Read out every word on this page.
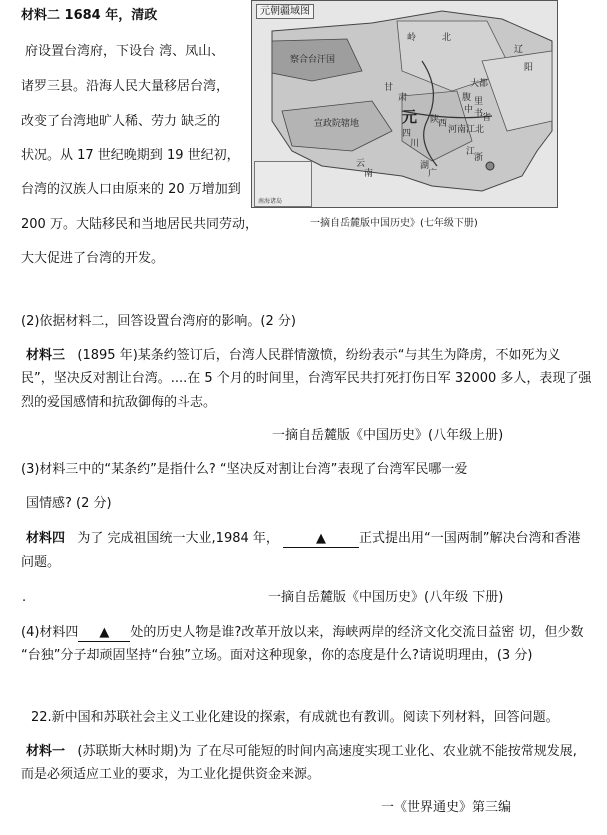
材料二 1684 年，清政
府设置台湾府，下设台 湾、凤山、
诸罗三县。沿海人民大量移居台湾，
改变了台湾地旷人稀、劳力 缺乏的
状况。从 17 世纪晚期到 19 世纪初，
台湾的汉族人口由原来的 20 万增加到
200 万。大陆移民和当地居民共同劳动，
大大促进了台湾的开发。
元朝疆域图
岭	北
辽
阳
察合台汗国
大都
甘
肃	腹 里
中 书
省
宣政院辖地	元
四
川
河南江北
陕
西
云
南
湖
广
江
浙
南海诸岛
一摘自岳麓版中国历史》(七年级下册)
(2)依据材料二，回答设置台湾府的影响。(2 分)
材料三 (1895 年)某条约签订后，台湾人民群情激愤，纷纷表示“与其生为降虏，不如死为义
民”，坚决反对割让台湾。....在 5 个月的时间里，台湾军民共打死打伤日军 32000 多人，表现了强
烈的爱国感情和抗敌御侮的斗志。
一摘自岳麓版《中国历史》(八年级上册)
(3)材料三中的“某条约”是指什么? “坚决反对割让台湾”表现了台湾军民哪一爱
国情感? (2 分)
材料四 为了 完成祖国统一大业,1984 年，	▲	正式提出用“一国两制”解决台湾和香港
问题。
.	一摘自岳麓版《中国历史》(八年级 下册)
(4)材料四 ▲ 处的历史人物是谁?改革开放以来，海峡两岸的经济文化交流日益密 切，但少数
“台独”分子却顽固坚持“台独”立场。面对这种现象，你的态度是什么?请说明理由，(3 分)
22.新中国和苏联社会主义工业化建设的探索，有成就也有教训。阅读下列材料，回答问题。
材料一 (苏联斯大林时期)为 了在尽可能短的时间内高速度实现工业化、农业就不能按常规发展,
而是必须适应工业的要求，为工业化提供资金来源。
一《世界通史》第三编
